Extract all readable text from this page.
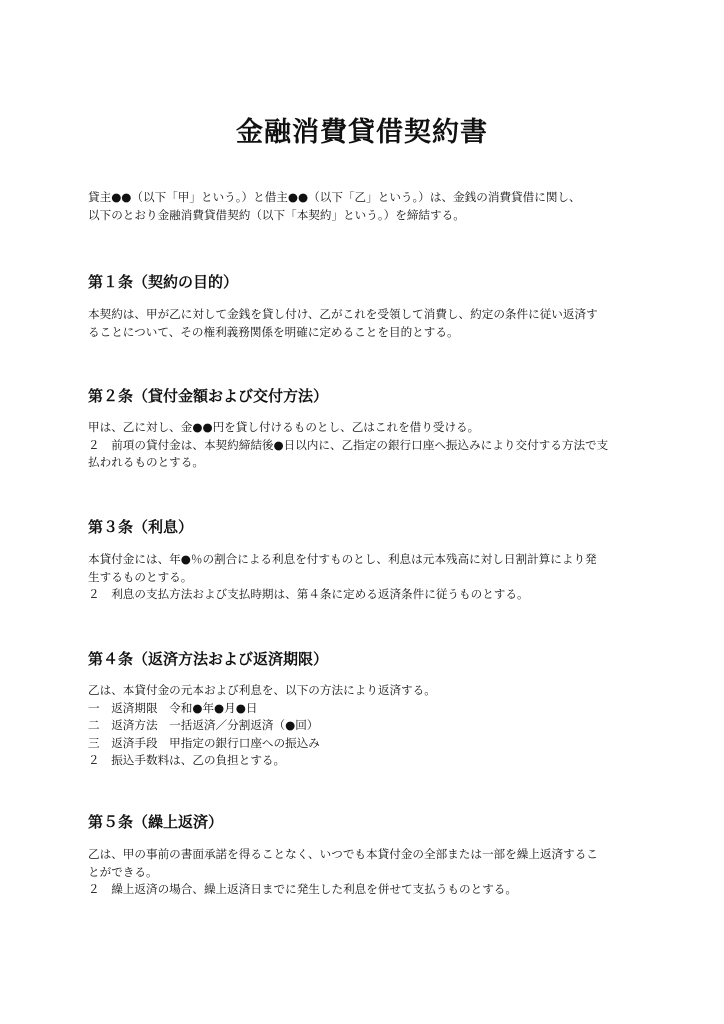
金融消費貸借契約書
貸主●●（以下「甲」という。）と借主●●（以下「乙」という。）は、金銭の消費貸借に関し、
以下のとおり金融消費貸借契約（以下「本契約」という。）を締結する。
第１条（契約の目的）
本契約は、甲が乙に対して金銭を貸し付け、乙がこれを受領して消費し、約定の条件に従い返済す
ることについて、その権利義務関係を明確に定めることを目的とする。
第２条（貸付金額および交付方法）
甲は、乙に対し、金●●円を貸し付けるものとし、乙はこれを借り受ける。
２　前項の貸付金は、本契約締結後●日以内に、乙指定の銀行口座へ振込みにより交付する方法で支
払われるものとする。
第３条（利息）
本貸付金には、年●％の割合による利息を付すものとし、利息は元本残高に対し日割計算により発
生するものとする。
２　利息の支払方法および支払時期は、第４条に定める返済条件に従うものとする。
第４条（返済方法および返済期限）
乙は、本貸付金の元本および利息を、以下の方法により返済する。
一　返済期限　令和●年●月●日
二　返済方法　一括返済／分割返済（●回）
三　返済手段　甲指定の銀行口座への振込み
２　振込手数料は、乙の負担とする。
第５条（繰上返済）
乙は、甲の事前の書面承諾を得ることなく、いつでも本貸付金の全部または一部を繰上返済するこ
とができる。
２　繰上返済の場合、繰上返済日までに発生した利息を併せて支払うものとする。
